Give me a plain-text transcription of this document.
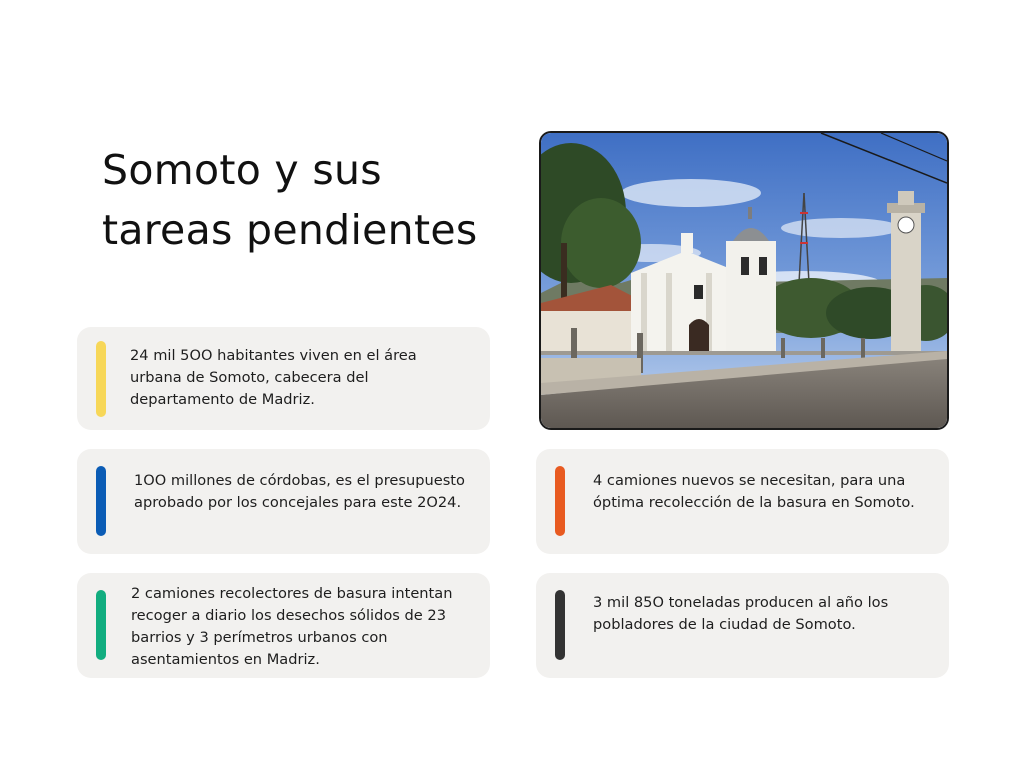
Somoto y sus tareas pendientes

24 mil 5OO habitantes viven en el área urbana de Somoto, cabecera del departamento de Madriz.

1OO millones de córdobas, es el presupuesto aprobado por los concejales para este 2O24.

2 camiones recolectores de basura intentan recoger a diario los desechos sólidos de 23 barrios y 3 perímetros urbanos con asentamientos en Madriz.

4 camiones nuevos se necesitan, para una óptima recolección de la basura en Somoto.

3 mil 85O toneladas producen al año los pobladores de la ciudad de Somoto.
